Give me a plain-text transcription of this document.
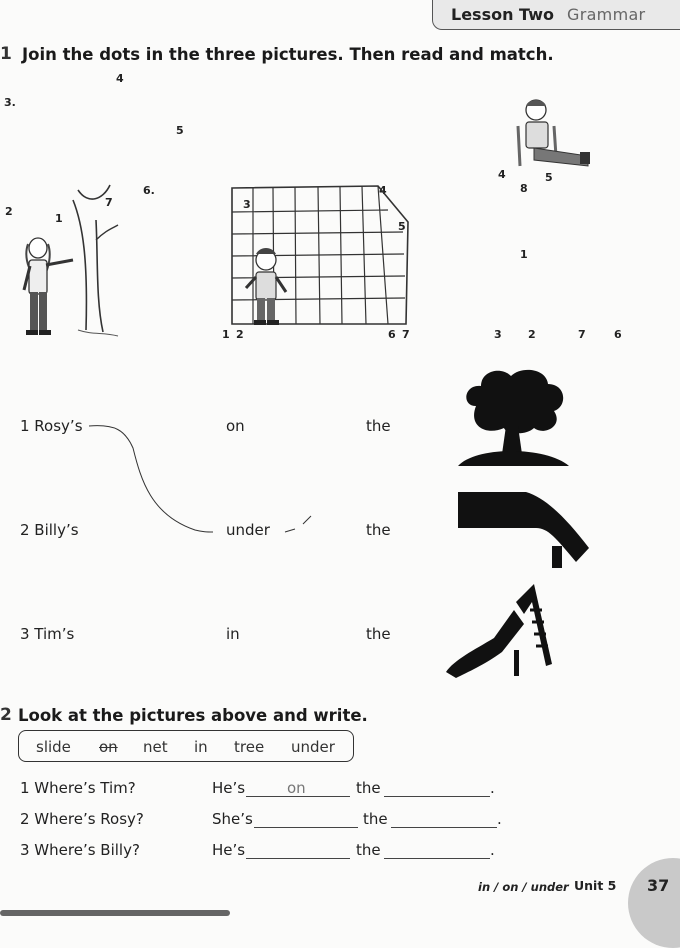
Lesson Two Grammar
1 Join the dots in the three pictures. Then read and match.
4
3.
5
6.
2
1
7	3
4
5
1 2	6 7
4	5
8
1
3 2	7	6
1 Rosy’s	on	the
2 Billy’s	under	the
3 Tim’s	in	the
2 Look at the pictures above and write.
slide on net in tree under
1 Where’s Tim?	He’s	on	the	.
2 Where’s Rosy?	She’s	the	.
3 Where’s Billy?	He’s	the	.
in / on / under Unit 5 37
